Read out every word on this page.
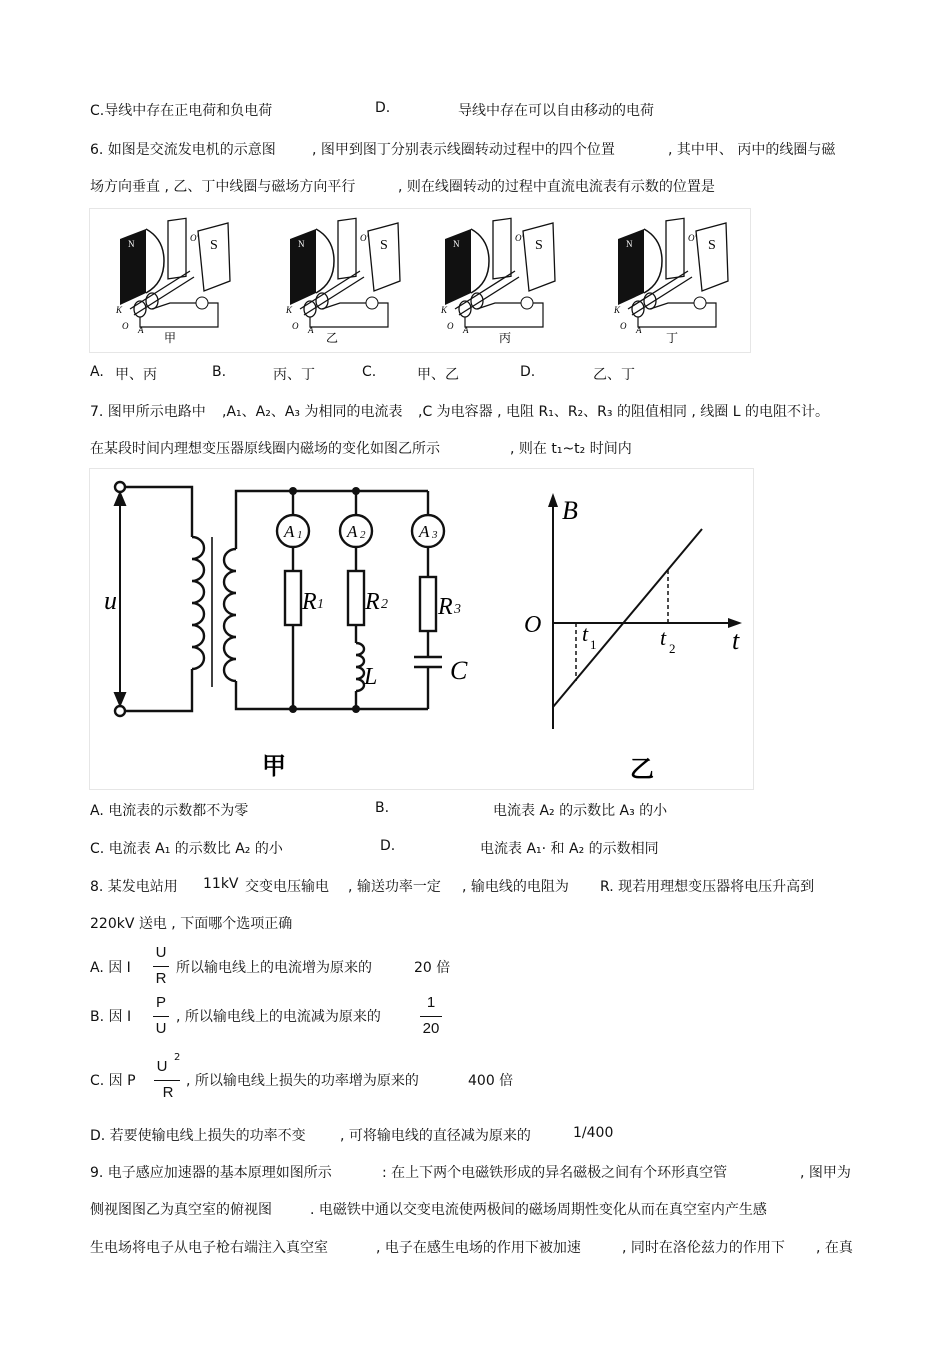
C.导线中存在正电荷和负电荷	D.	导线中存在可以自由移动的电荷
6. 如图是交流发电机的示意图	, 图甲到图丁分别表示线圈转动过程中的四个位置	, 其中甲、 丙中的线圈与磁
场方向垂直 , 乙、丁中线圈与磁场方向平行	, 则在线圈转动的过程中直流电流表有示数的位置是
S
N
O′
O A
K
甲	乙	丙	丁
A. 甲、丙	B.	丙、丁	C.	甲、乙	D.	乙、丁
7. 图甲所示电路中 ,A₁、A₂、A₃ 为相同的电流表 ,C 为电容器 , 电阻 R₁、R₂、R₃ 的阻值相同 , 线圈 L 的电阻不计。
在某段时间内理想变压器原线圈内磁场的变化如图乙所示	, 则在 t₁~t₂ 时间内
u
A	A	A
R R R
L	C
甲
B
O
t
t 1	t 2
乙
1	2	3
1	2	3
A. 电流表的示数都不为零	B.	电流表 A₂ 的示数比 A₃ 的小
C. 电流表 A₁ 的示数比 A₂ 的小	D.	电流表 A₁· 和 A₂ 的示数相同
8. 某发电站用 11kV 交变电压输电 , 输送功率一定 , 输电线的电阻为 R. 现若用理想变压器将电压升高到
220kV 送电 , 下面哪个选项正确
A. 因 I
U
R
所以输电线上的电流增为原来的	20 倍
B. 因 I
P
U
, 所以输电线上的电流减为原来的
1
20
C. 因 P
U
2
R
, 所以输电线上损失的功率增为原来的	400 倍
D. 若要使输电线上损失的功率不变 , 可将输电线的直径减为原来的	1/400
9. 电子感应加速器的基本原理如图所示	: 在上下两个电磁铁形成的异名磁极之间有个环形真空管	, 图甲为
侧视图图乙为真空室的俯视图	. 电磁铁中通以交变电流使两极间的磁场周期性变化从而在真空室内产生感
生电场将电子从电子枪右端注入真空室	, 电子在感生电场的作用下被加速	, 同时在洛伦兹力的作用下 , 在真
